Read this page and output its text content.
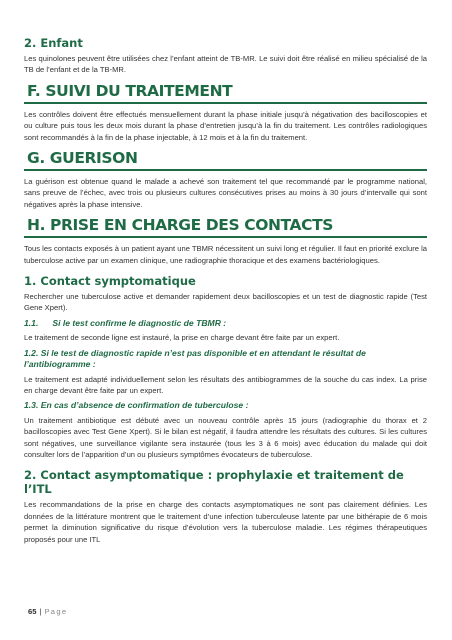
2. Enfant

Les quinolones peuvent être utilisées chez l’enfant atteint de TB-MR. Le suivi doit être réalisé en milieu spécialisé de la TB de l’enfant et de la TB-MR.

F. SUIVI DU TRAITEMENT

Les contrôles doivent être effectués mensuellement durant la phase initiale jusqu’à négativation des bacilloscopies et ou culture puis tous les deux mois durant la phase d’entretien jusqu’à la fin du traitement. Les contrôles radiologiques sont recommandés à la fin de la phase injectable, à 12 mois et à la fin du traitement.

G. GUERISON

La guérison est obtenue quand le malade a achevé son traitement tel que recommandé par le programme national, sans preuve de l’échec, avec trois ou plusieurs cultures consécutives prises au moins à 30 jours d’intervalle qui sont négatives après la phase intensive.

H. PRISE EN CHARGE DES CONTACTS

Tous les contacts exposés à un patient ayant une TBMR nécessitent un suivi long et régulier. Il faut en priorité exclure la tuberculose active par un examen clinique, une radiographie thoracique et des examens bactériologiques.

1. Contact symptomatique

Rechercher une tuberculose active et demander rapidement deux bacilloscopies et un test de diagnostic rapide (Test Gene Xpert).

1.1. Si le test confirme le diagnostic de TBMR :

Le traitement de seconde ligne est instauré, la prise en charge devant être faite par un expert.

1.2. Si le test de diagnostic rapide n’est pas disponible et en attendant le résultat de l’antibiogramme :

Le traitement est adapté individuellement selon les résultats des antibiogrammes de la souche du cas index. La prise en charge devant être faite par un expert.

1.3. En cas d’absence de confirmation de tuberculose :

Un traitement antibiotique est débuté avec un nouveau contrôle après 15 jours (radiographie du thorax et 2 bacilloscopies avec Test Gene Xpert). Si le bilan est négatif, il faudra attendre les résultats des cultures. Si les cultures sont négatives, une surveillance vigilante sera instaurée (tous les 3 à 6 mois) avec éducation du malade qui doit consulter lors de l’apparition d’un ou plusieurs symptômes évocateurs de tuberculose.

2. Contact asymptomatique : prophylaxie et traitement de l’ITL

Les recommandations de la prise en charge des contacts asymptomatiques ne sont pas clairement définies. Les données de la littérature montrent que le traitement d’une infection tuberculeuse latente par une bithérapie de 6 mois permet la diminution significative du risque d’évolution vers la tuberculose maladie. Les régimes thérapeutiques proposés pour une ITL

65 | Page
